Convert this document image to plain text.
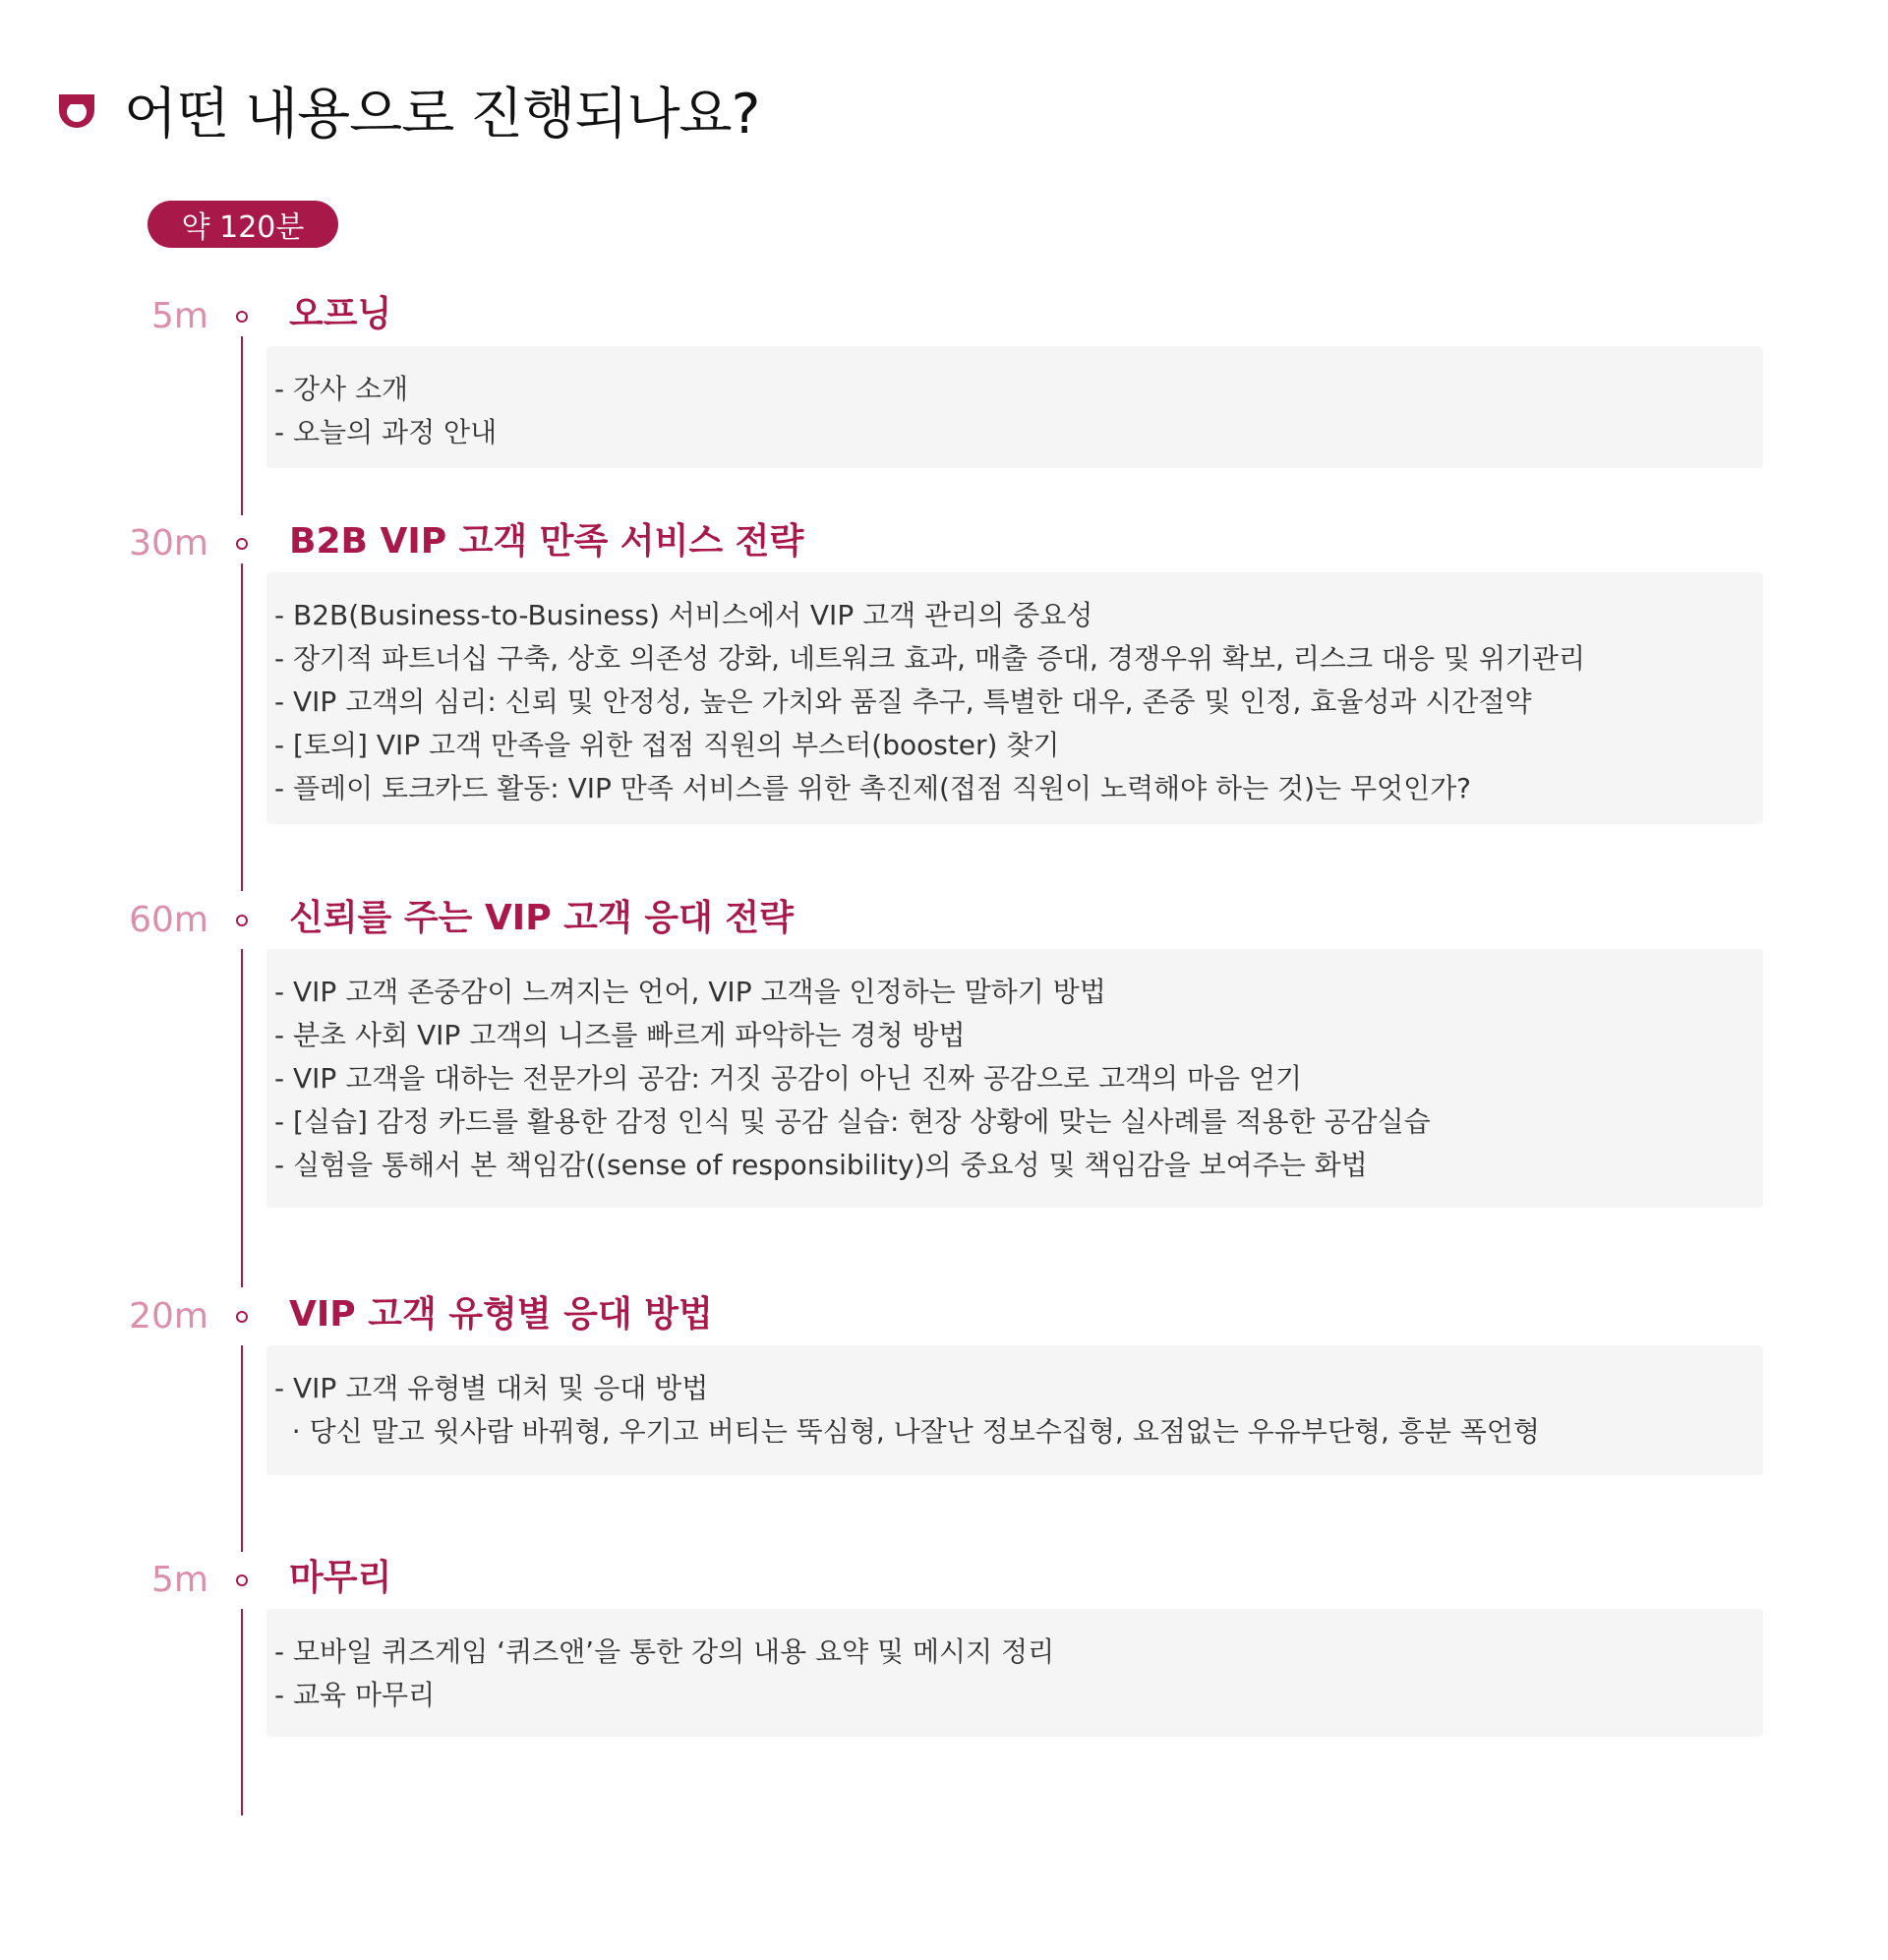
어떤 내용으로 진행되나요?
약 120분
5m 오프닝
- 강사 소개
- 오늘의 과정 안내
30m B2B VIP 고객 만족 서비스 전략
- B2B(Business-to-Business) 서비스에서 VIP 고객 관리의 중요성
- 장기적 파트너십 구축, 상호 의존성 강화, 네트워크 효과, 매출 증대, 경쟁우위 확보, 리스크 대응 및 위기관리
- VIP 고객의 심리: 신뢰 및 안정성, 높은 가치와 품질 추구, 특별한 대우, 존중 및 인정, 효율성과 시간절약
- [토의] VIP 고객 만족을 위한 접점 직원의 부스터(booster) 찾기
- 플레이 토크카드 활동: VIP 만족 서비스를 위한 촉진제(접점 직원이 노력해야 하는 것)는 무엇인가?
60m 신뢰를 주는 VIP 고객 응대 전략
- VIP 고객 존중감이 느껴지는 언어, VIP 고객을 인정하는 말하기 방법
- 분초 사회 VIP 고객의 니즈를 빠르게 파악하는 경청 방법
- VIP 고객을 대하는 전문가의 공감: 거짓 공감이 아닌 진짜 공감으로 고객의 마음 얻기
- [실습] 감정 카드를 활용한 감정 인식 및 공감 실습: 현장 상황에 맞는 실사례를 적용한 공감실습
- 실험을 통해서 본 책임감((sense of responsibility)의 중요성 및 책임감을 보여주는 화법
20m VIP 고객 유형별 응대 방법
- VIP 고객 유형별 대처 및 응대 방법
· 당신 말고 윗사람 바꿔형, 우기고 버티는 뚝심형, 나잘난 정보수집형, 요점없는 우유부단형, 흥분 폭언형
5m 마무리
- 모바일 퀴즈게임 ‘퀴즈앤’을 통한 강의 내용 요약 및 메시지 정리
- 교육 마무리
